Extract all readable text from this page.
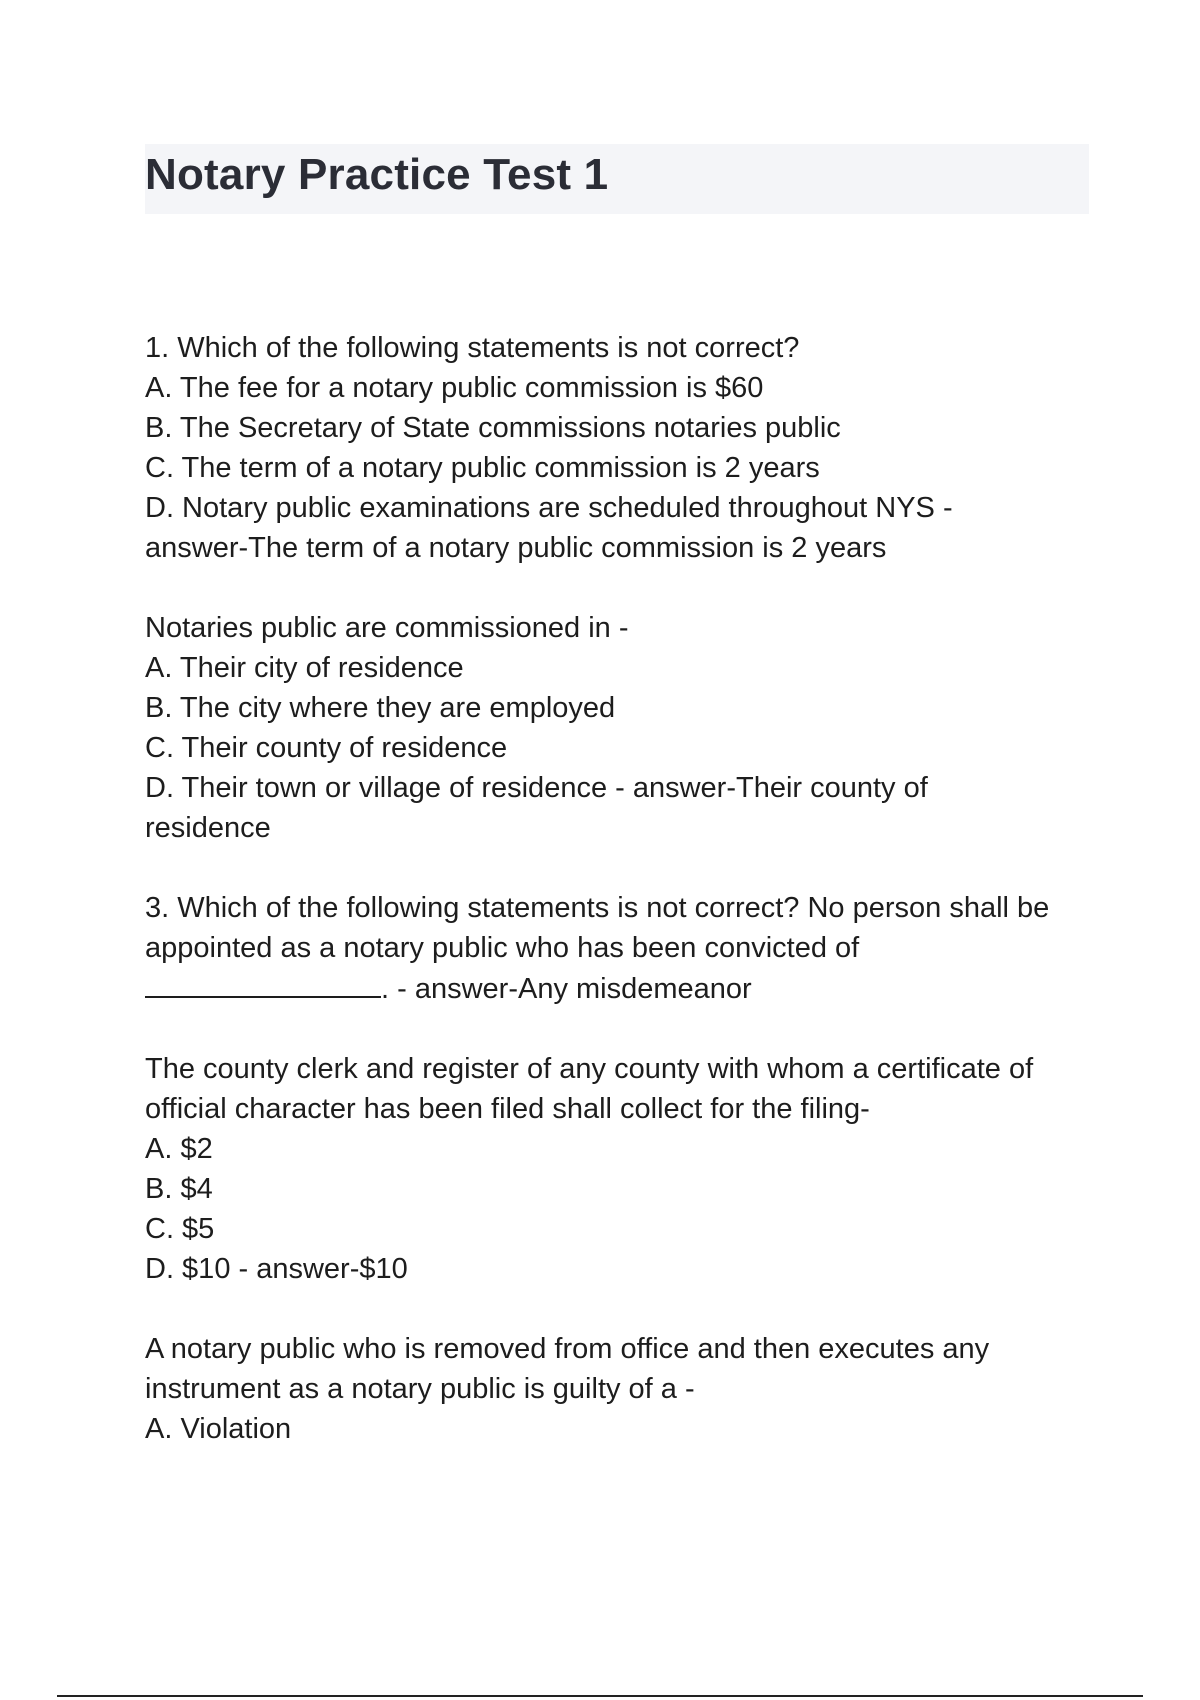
Notary Practice Test 1
1. Which of the following statements is not correct?
A. The fee for a notary public commission is $60
B. The Secretary of State commissions notaries public
C. The term of a notary public commission is 2 years
D. Notary public examinations are scheduled throughout NYS -
answer-The term of a notary public commission is 2 years
Notaries public are commissioned in -
A. Their city of residence
B. The city where they are employed
C. Their county of residence
D. Their town or village of residence - answer-Their county of
residence
3. Which of the following statements is not correct? No person shall be
appointed as a notary public who has been convicted of
. - answer-Any misdemeanor
The county clerk and register of any county with whom a certificate of
official character has been filed shall collect for the filing-
A. $2
B. $4
C. $5
D. $10 - answer-$10
A notary public who is removed from office and then executes any
instrument as a notary public is guilty of a -
A. Violation
